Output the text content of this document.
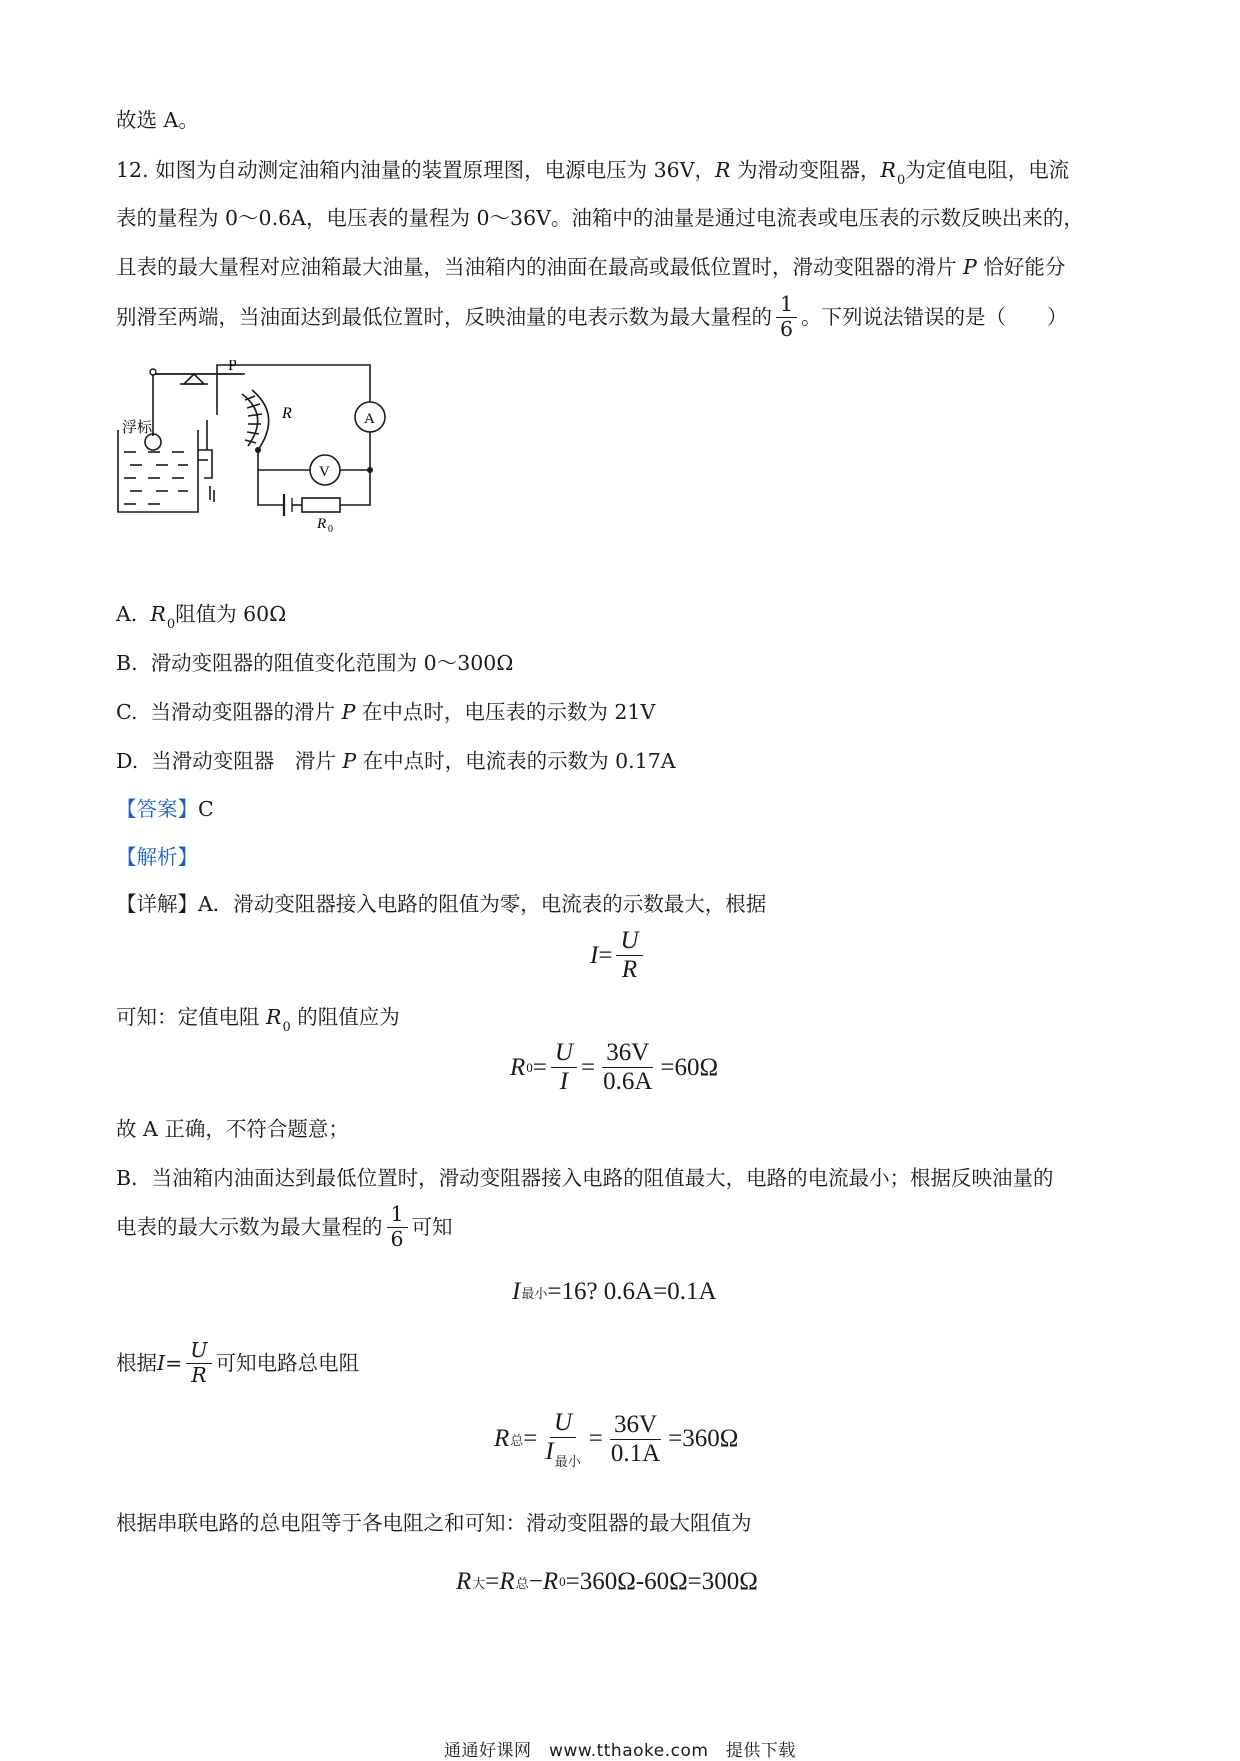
故选 A。
12. 如图为自动测定油箱内油量的装置原理图，电源电压为 36V，R 为滑动变阻器，$R_0$为定值电阻，电流
表的量程为 0～0.6A，电压表的量程为 0～36V。油箱中的油量是通过电流表或电压表的示数反映出来的，
且表的最大量程对应油箱最大油量，当油箱内的油面在最高或最低位置时，滑动变阻器的滑片 P 恰好能分
别滑至两端，当油面达到最低位置时，反映油量的电表示数为最大量程的 $\frac{1}{6}$ 。下列说法错误的是（　　）
P
R	A
V
R 0
浮标
A. $R_0$阻值为 60Ω
B. 滑动变阻器的阻值变化范围为 0～300Ω
C. 当滑动变阻器的滑片 P 在中点时，电压表的示数为 21V
D. 当滑动变阻器　滑片 P 在中点时，电流表的示数为 0.17A
【答案】C
【解析】
【详解】A．滑动变阻器接入电路的阻值为零，电流表的示数最大，根据
$I = \frac{U}{R}$
可知：定值电阻 $R_0$ 的阻值应为
R $0 = \frac{U}{I} = \frac{36V}{0.6A} =60\Omega$
故 A 正确，不符合题意；
B．当油箱内油面达到最低位置时，滑动变阻器接入电路的阻值最大，电路的电流最小；根据反映油量的
电表的最大示数为最大量程的 $\frac{1}{6}$ 可知
I 最小 =16? 0.6A=0.1A
根据 $I = \frac{U}{R}$ 可知电路总电阻
R 总 = $\frac{U}{I_{最小}} = \frac{36V}{0.1A} =360\Omega$
根据串联电路的总电阻等于各电阻之和可知：滑动变阻器的最大阻值为
R 大 = R 总 − R 0 =360Ω-60Ω=300Ω
通通好课网　www.tthaoke.com　提供下载
